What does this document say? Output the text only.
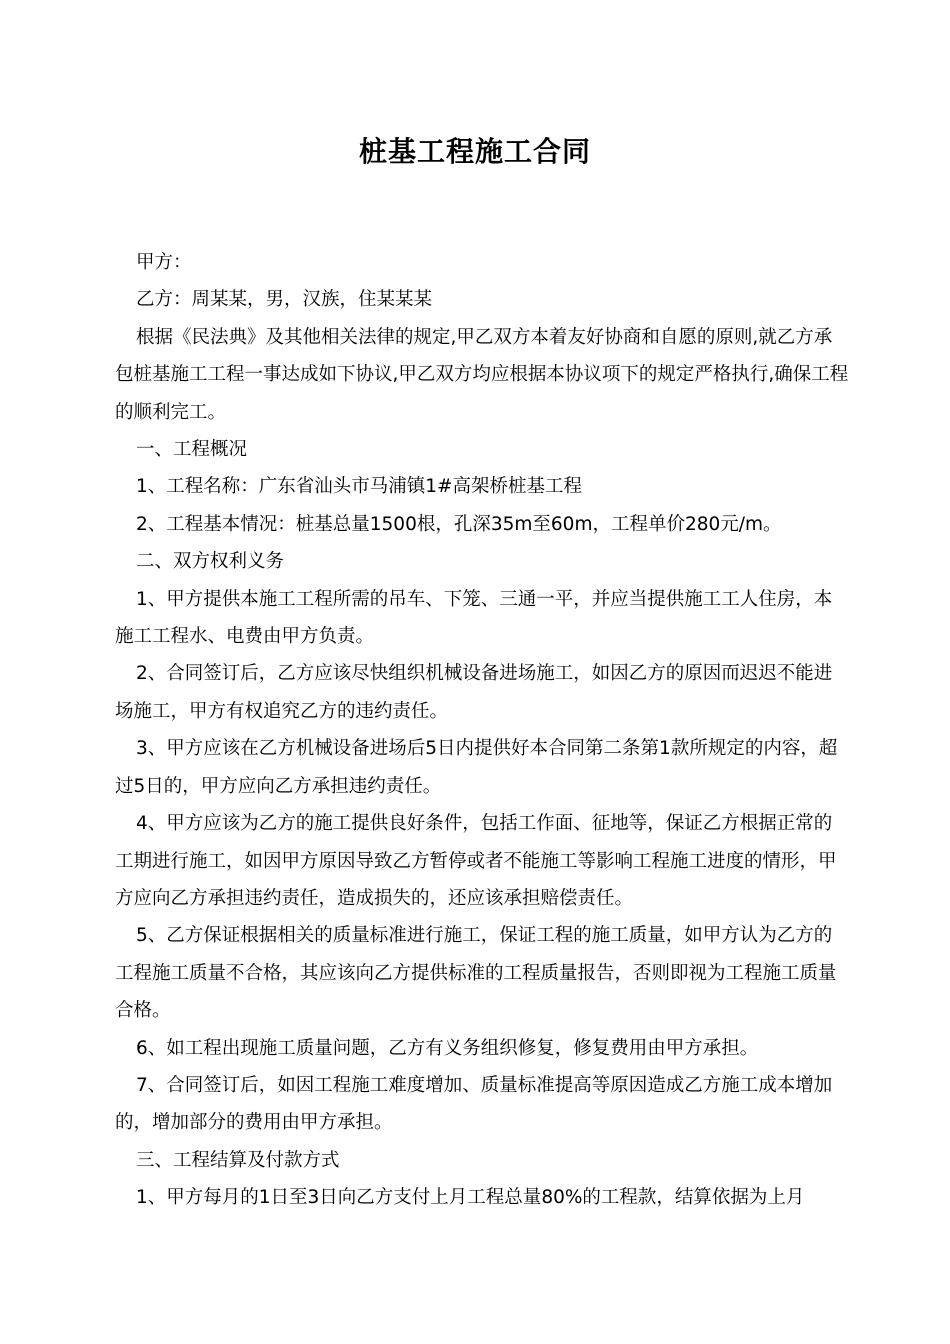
桩基工程施工合同

甲方：

乙方：周某某，男，汉族，住某某某

根据《民法典》及其他相关法律的规定,甲乙双方本着友好协商和自愿的原则,就乙方承包桩基施工工程一事达成如下协议,甲乙双方均应根据本协议项下的规定严格执行,确保工程的顺利完工。

一、工程概况

1、工程名称：广东省汕头市马浦镇1#高架桥桩基工程

2、工程基本情况：桩基总量1500根，孔深35m至60m，工程单价280元/m。

二、双方权利义务

1、甲方提供本施工工程所需的吊车、下笼、三通一平，并应当提供施工工人住房，本施工工程水、电费由甲方负责。

2、合同签订后，乙方应该尽快组织机械设备进场施工，如因乙方的原因而迟迟不能进场施工，甲方有权追究乙方的违约责任。

3、甲方应该在乙方机械设备进场后5日内提供好本合同第二条第1款所规定的内容，超过5日的，甲方应向乙方承担违约责任。

4、甲方应该为乙方的施工提供良好条件，包括工作面、征地等，保证乙方根据正常的工期进行施工，如因甲方原因导致乙方暂停或者不能施工等影响工程施工进度的情形，甲方应向乙方承担违约责任，造成损失的，还应该承担赔偿责任。

5、乙方保证根据相关的质量标准进行施工，保证工程的施工质量，如甲方认为乙方的工程施工质量不合格，其应该向乙方提供标准的工程质量报告，否则即视为工程施工质量合格。

6、如工程出现施工质量问题，乙方有义务组织修复，修复费用由甲方承担。

7、合同签订后，如因工程施工难度增加、质量标准提高等原因造成乙方施工成本增加的，增加部分的费用由甲方承担。

三、工程结算及付款方式

1、甲方每月的1日至3日向乙方支付上月工程总量80%的工程款，结算依据为上月
